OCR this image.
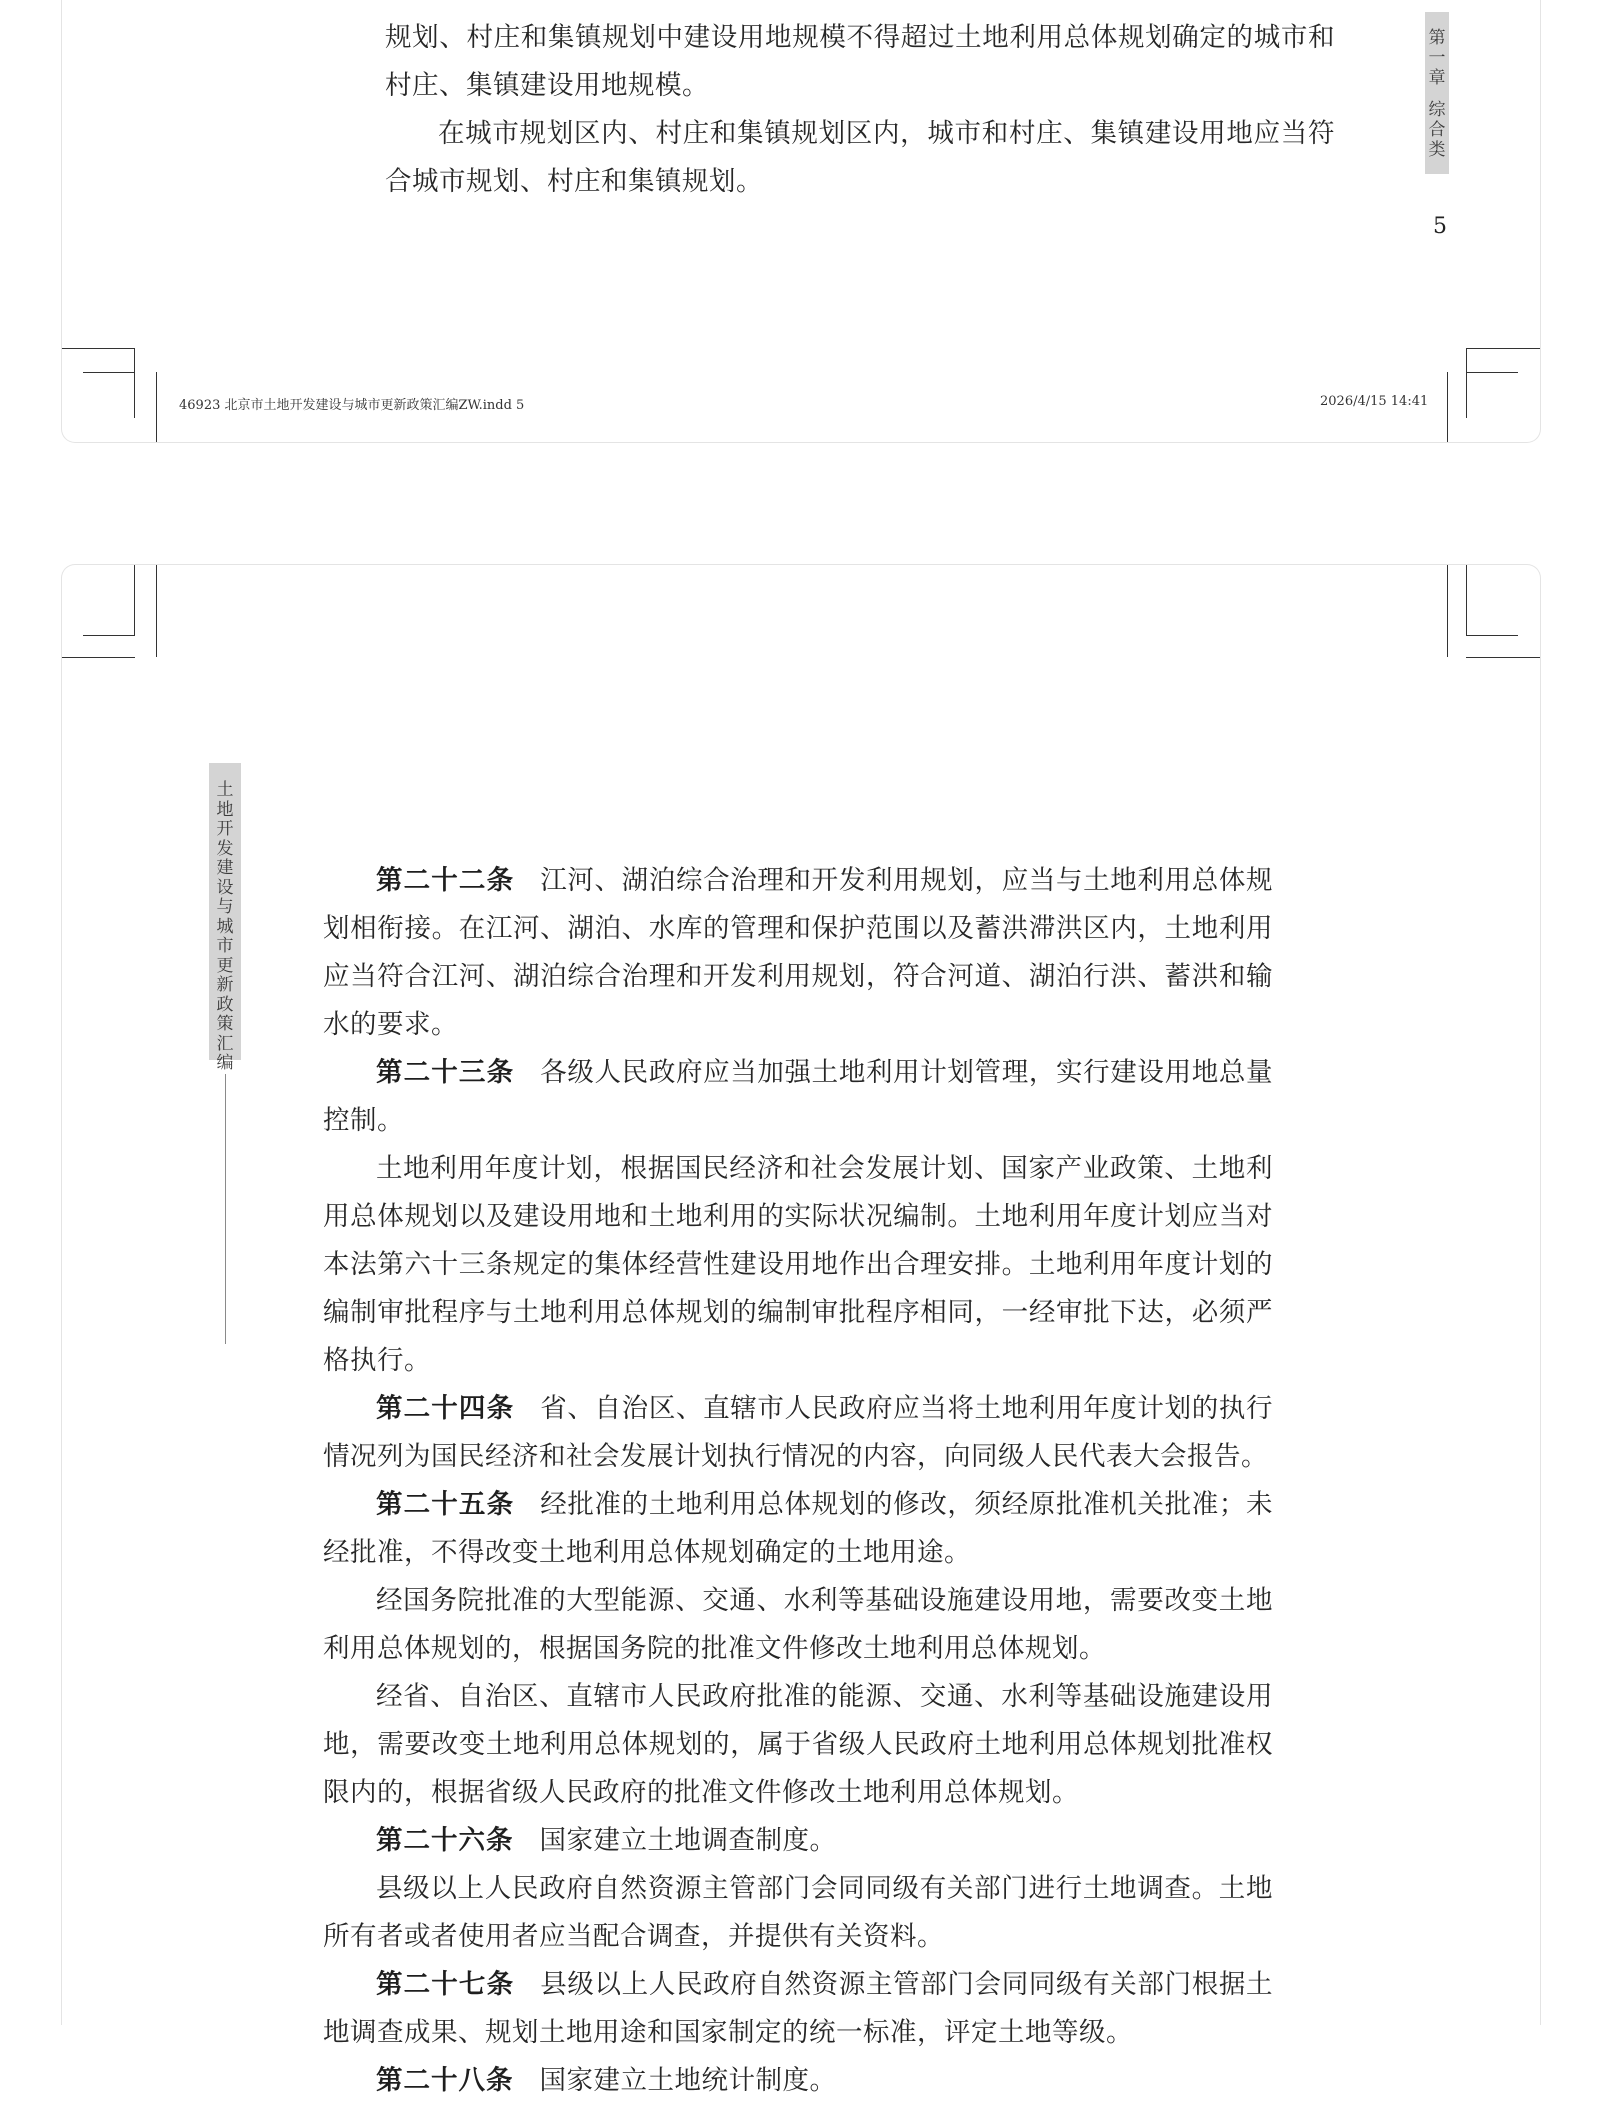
规划、村庄和集镇规划中建设用地规模不得超过土地利用总体规划确定的城市和村庄、集镇建设用地规模。

在城市规划区内、村庄和集镇规划区内，城市和村庄、集镇建设用地应当符合城市规划、村庄和集镇规划。

第一章
综合类
5
46923 北京市土地开发建设与城市更新政策汇编ZW.indd 5	2026/4/15 14:41
土地开发建设与城市更新政策汇编

第二十二条 江河、湖泊综合治理和开发利用规划，应当与土地利用总体规划相衔接。在江河、湖泊、水库的管理和保护范围以及蓄洪滞洪区内，土地利用应当符合江河、湖泊综合治理和开发利用规划，符合河道、湖泊行洪、蓄洪和输水的要求。

第二十三条 各级人民政府应当加强土地利用计划管理，实行建设用地总量控制。

土地利用年度计划，根据国民经济和社会发展计划、国家产业政策、土地利用总体规划以及建设用地和土地利用的实际状况编制。土地利用年度计划应当对本法第六十三条规定的集体经营性建设用地作出合理安排。土地利用年度计划的编制审批程序与土地利用总体规划的编制审批程序相同，一经审批下达，必须严格执行。

第二十四条 省、自治区、直辖市人民政府应当将土地利用年度计划的执行情况列为国民经济和社会发展计划执行情况的内容，向同级人民代表大会报告。

第二十五条 经批准的土地利用总体规划的修改，须经原批准机关批准；未经批准，不得改变土地利用总体规划确定的土地用途。

经国务院批准的大型能源、交通、水利等基础设施建设用地，需要改变土地利用总体规划的，根据国务院的批准文件修改土地利用总体规划。

经省、自治区、直辖市人民政府批准的能源、交通、水利等基础设施建设用地，需要改变土地利用总体规划的，属于省级人民政府土地利用总体规划批准权限内的，根据省级人民政府的批准文件修改土地利用总体规划。

第二十六条 国家建立土地调查制度。

县级以上人民政府自然资源主管部门会同同级有关部门进行土地调查。土地所有者或者使用者应当配合调查，并提供有关资料。

第二十七条 县级以上人民政府自然资源主管部门会同同级有关部门根据土地调查成果、规划土地用途和国家制定的统一标准，评定土地等级。

第二十八条 国家建立土地统计制度。
